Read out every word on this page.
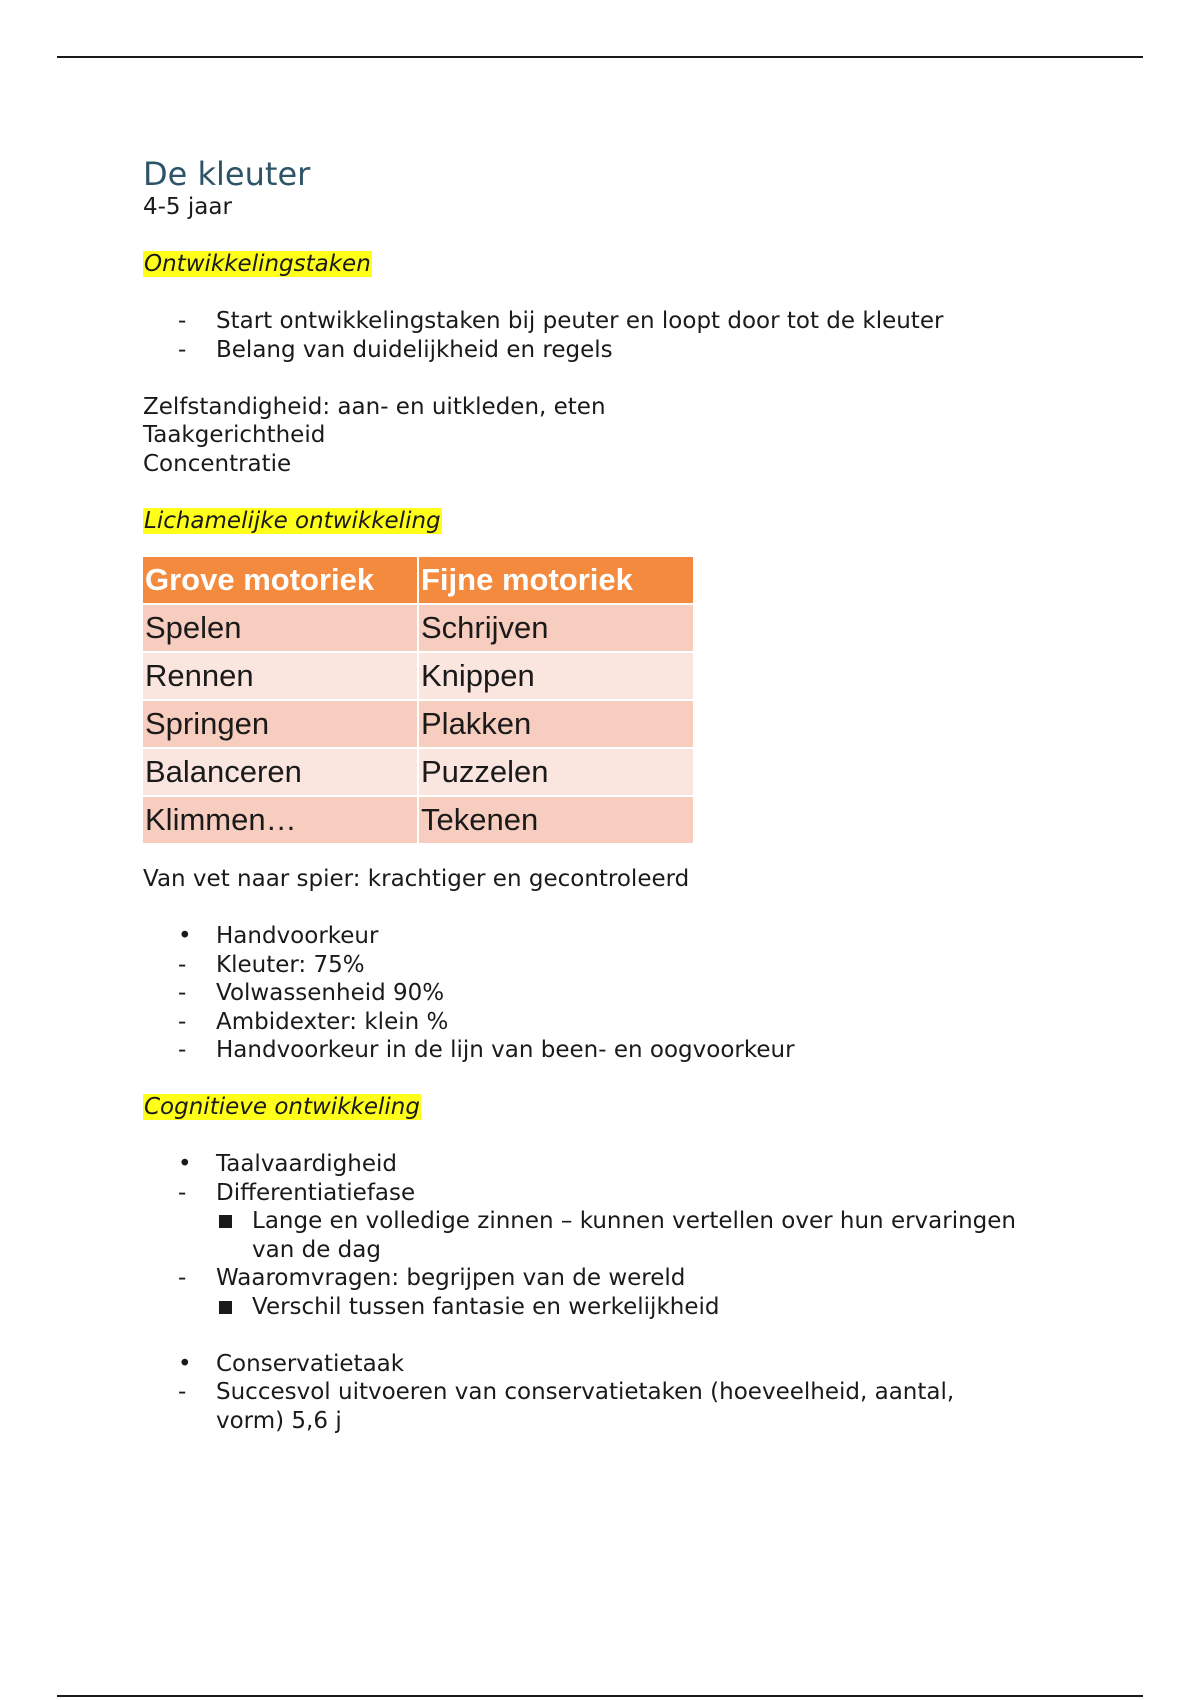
De kleuter

4-5 jaar

Ontwikkelingstaken

- Start ontwikkelingstaken bij peuter en loopt door tot de kleuter
- Belang van duidelijkheid en regels

Zelfstandigheid: aan- en uitkleden, eten

Taakgerichtheid

Concentratie

Lichamelijke ontwikkeling

Grove motoriek	Fijne motoriek
Spelen	Schrijven
Rennen	Knippen
Springen	Plakken
Balanceren	Puzzelen
Klimmen…	Tekenen

Van vet naar spier: krachtiger en gecontroleerd

• Handvoorkeur
- Kleuter: 75%
- Volwassenheid 90%
- Ambidexter: klein %
- Handvoorkeur in de lijn van been- en oogvoorkeur

Cognitieve ontwikkeling

• Taalvaardigheid
- Differentiatiefase
Lange en volledige zinnen – kunnen vertellen over hun ervaringen
van de dag
- Waaromvragen: begrijpen van de wereld
Verschil tussen fantasie en werkelijkheid
• Conservatietaak
- Succesvol uitvoeren van conservatietaken (hoeveelheid, aantal,
vorm) 5,6 j
